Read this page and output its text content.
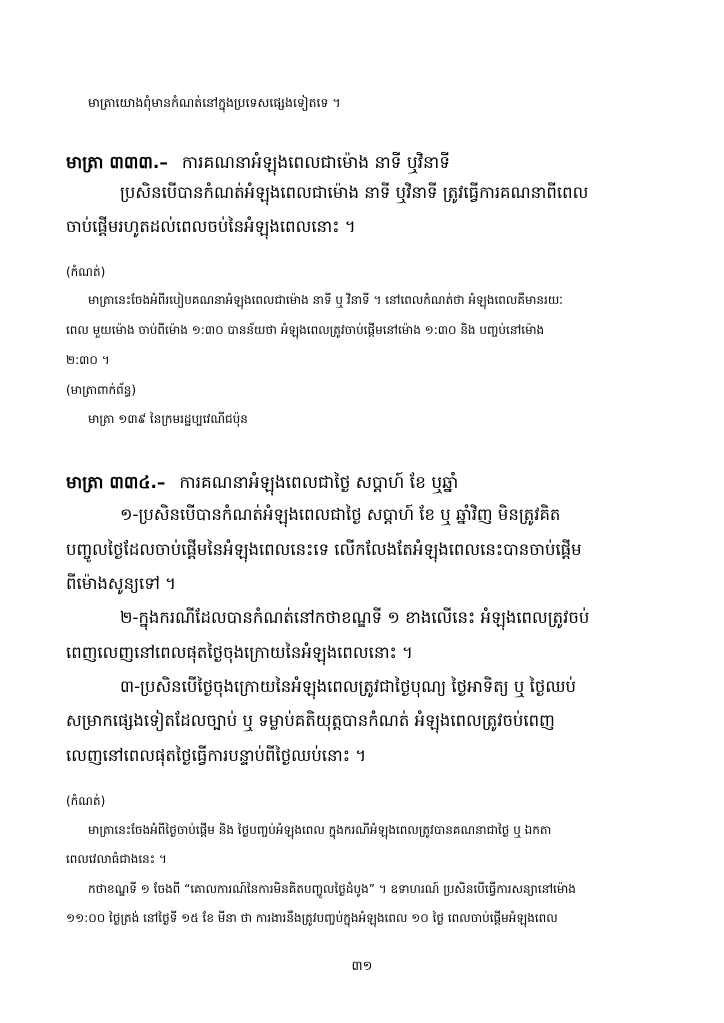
មាត្រាយោងពុំមានកំណត់នៅក្នុងប្រទេសផ្សេងទៀតទេ ។
មាត្រា ៣៣៣.– ការគណនាអំឡុងពេលជាម៉ោង នាទី ឬវិនាទី
ប្រសិនបើបានកំណត់អំឡុងពេលជាម៉ោង នាទី ឬវិនាទី ត្រូវធ្វើការគណនាពីពេល
ចាប់ផ្ដើមរហូតដល់ពេលចប់នៃអំឡុងពេលនោះ ។
(កំណត់)
មាត្រានេះចែងអំពីរបៀបគណនាអំឡុងពេលជាម៉ោង នាទី ឬ វិនាទី ។ នៅពេលកំណត់ថា អំឡុងពេលគឺមានរយៈ
ពេល មួយម៉ោង ចាប់ពីម៉ោង ១:៣០ បានន័យថា អំឡុងពេលត្រូវចាប់ផ្ដើមនៅម៉ោង ១:៣០ និង បញ្ចប់នៅម៉ោង
២:៣០ ។
(មាត្រាពាក់ព័ន្ធ)
មាត្រា ១៣៩ នៃក្រមរដ្ឋប្បវេណីជប៉ុន
មាត្រា ៣៣៤.– ការគណនាអំឡុងពេលជាថ្ងៃ សប្ដាហ៍ ខែ ឬឆ្នាំ
១-ប្រសិនបើបានកំណត់អំឡុងពេលជាថ្ងៃ សប្ដាហ៍ ខែ ឬ ឆ្នាំវិញ មិនត្រូវគិត
បញ្ចូលថ្ងៃដែលចាប់ផ្ដើមនៃអំឡុងពេលនេះទេ លើកលែងតែអំឡុងពេលនេះបានចាប់ផ្ដើម
ពីម៉ោងសូន្យទៅ ។
២-ក្នុងករណីដែលបានកំណត់នៅកថាខណ្ឌទី ១ ខាងលើនេះ អំឡុងពេលត្រូវចប់
ពេញលេញនៅពេលផុតថ្ងៃចុងក្រោយនៃអំឡុងពេលនោះ ។
៣-ប្រសិនបើថ្ងៃចុងក្រោយនៃអំឡុងពេលត្រូវជាថ្ងៃបុណ្យ ថ្ងៃអាទិត្យ ឬ ថ្ងៃឈប់
សម្រាកផ្សេងទៀតដែលច្បាប់ ឬ ទម្លាប់គតិយុត្តបានកំណត់ អំឡុងពេលត្រូវចប់ពេញ
លេញនៅពេលផុតថ្ងៃធ្វើការបន្ទាប់ពីថ្ងៃឈប់នោះ ។
(កំណត់)
មាត្រានេះចែងអំពីថ្ងៃចាប់ផ្ដើម និង ថ្ងៃបញ្ចប់អំឡុងពេល ក្នុងករណីអំឡុងពេលត្រូវបានគណនាជាថ្ងៃ ឬ ឯកតា
ពេលវេលាធំជាងនេះ ។
កថាខណ្ឌទី ១ ចែងពី “គោលការណ៍នៃការមិនគិតបញ្ចូលថ្ងៃដំបូង” ។ ឧទាហរណ៍ ប្រសិនបើធ្វើការសន្យានៅម៉ោង
១១:០០ ថ្ងៃត្រង់ នៅថ្ងៃទី ១៥ ខែ មីនា ថា ការងារនឹងត្រូវបញ្ចប់ក្នុងអំឡុងពេល ១០ ថ្ងៃ ពេលចាប់ផ្ដើមអំឡុងពេល
៣១
